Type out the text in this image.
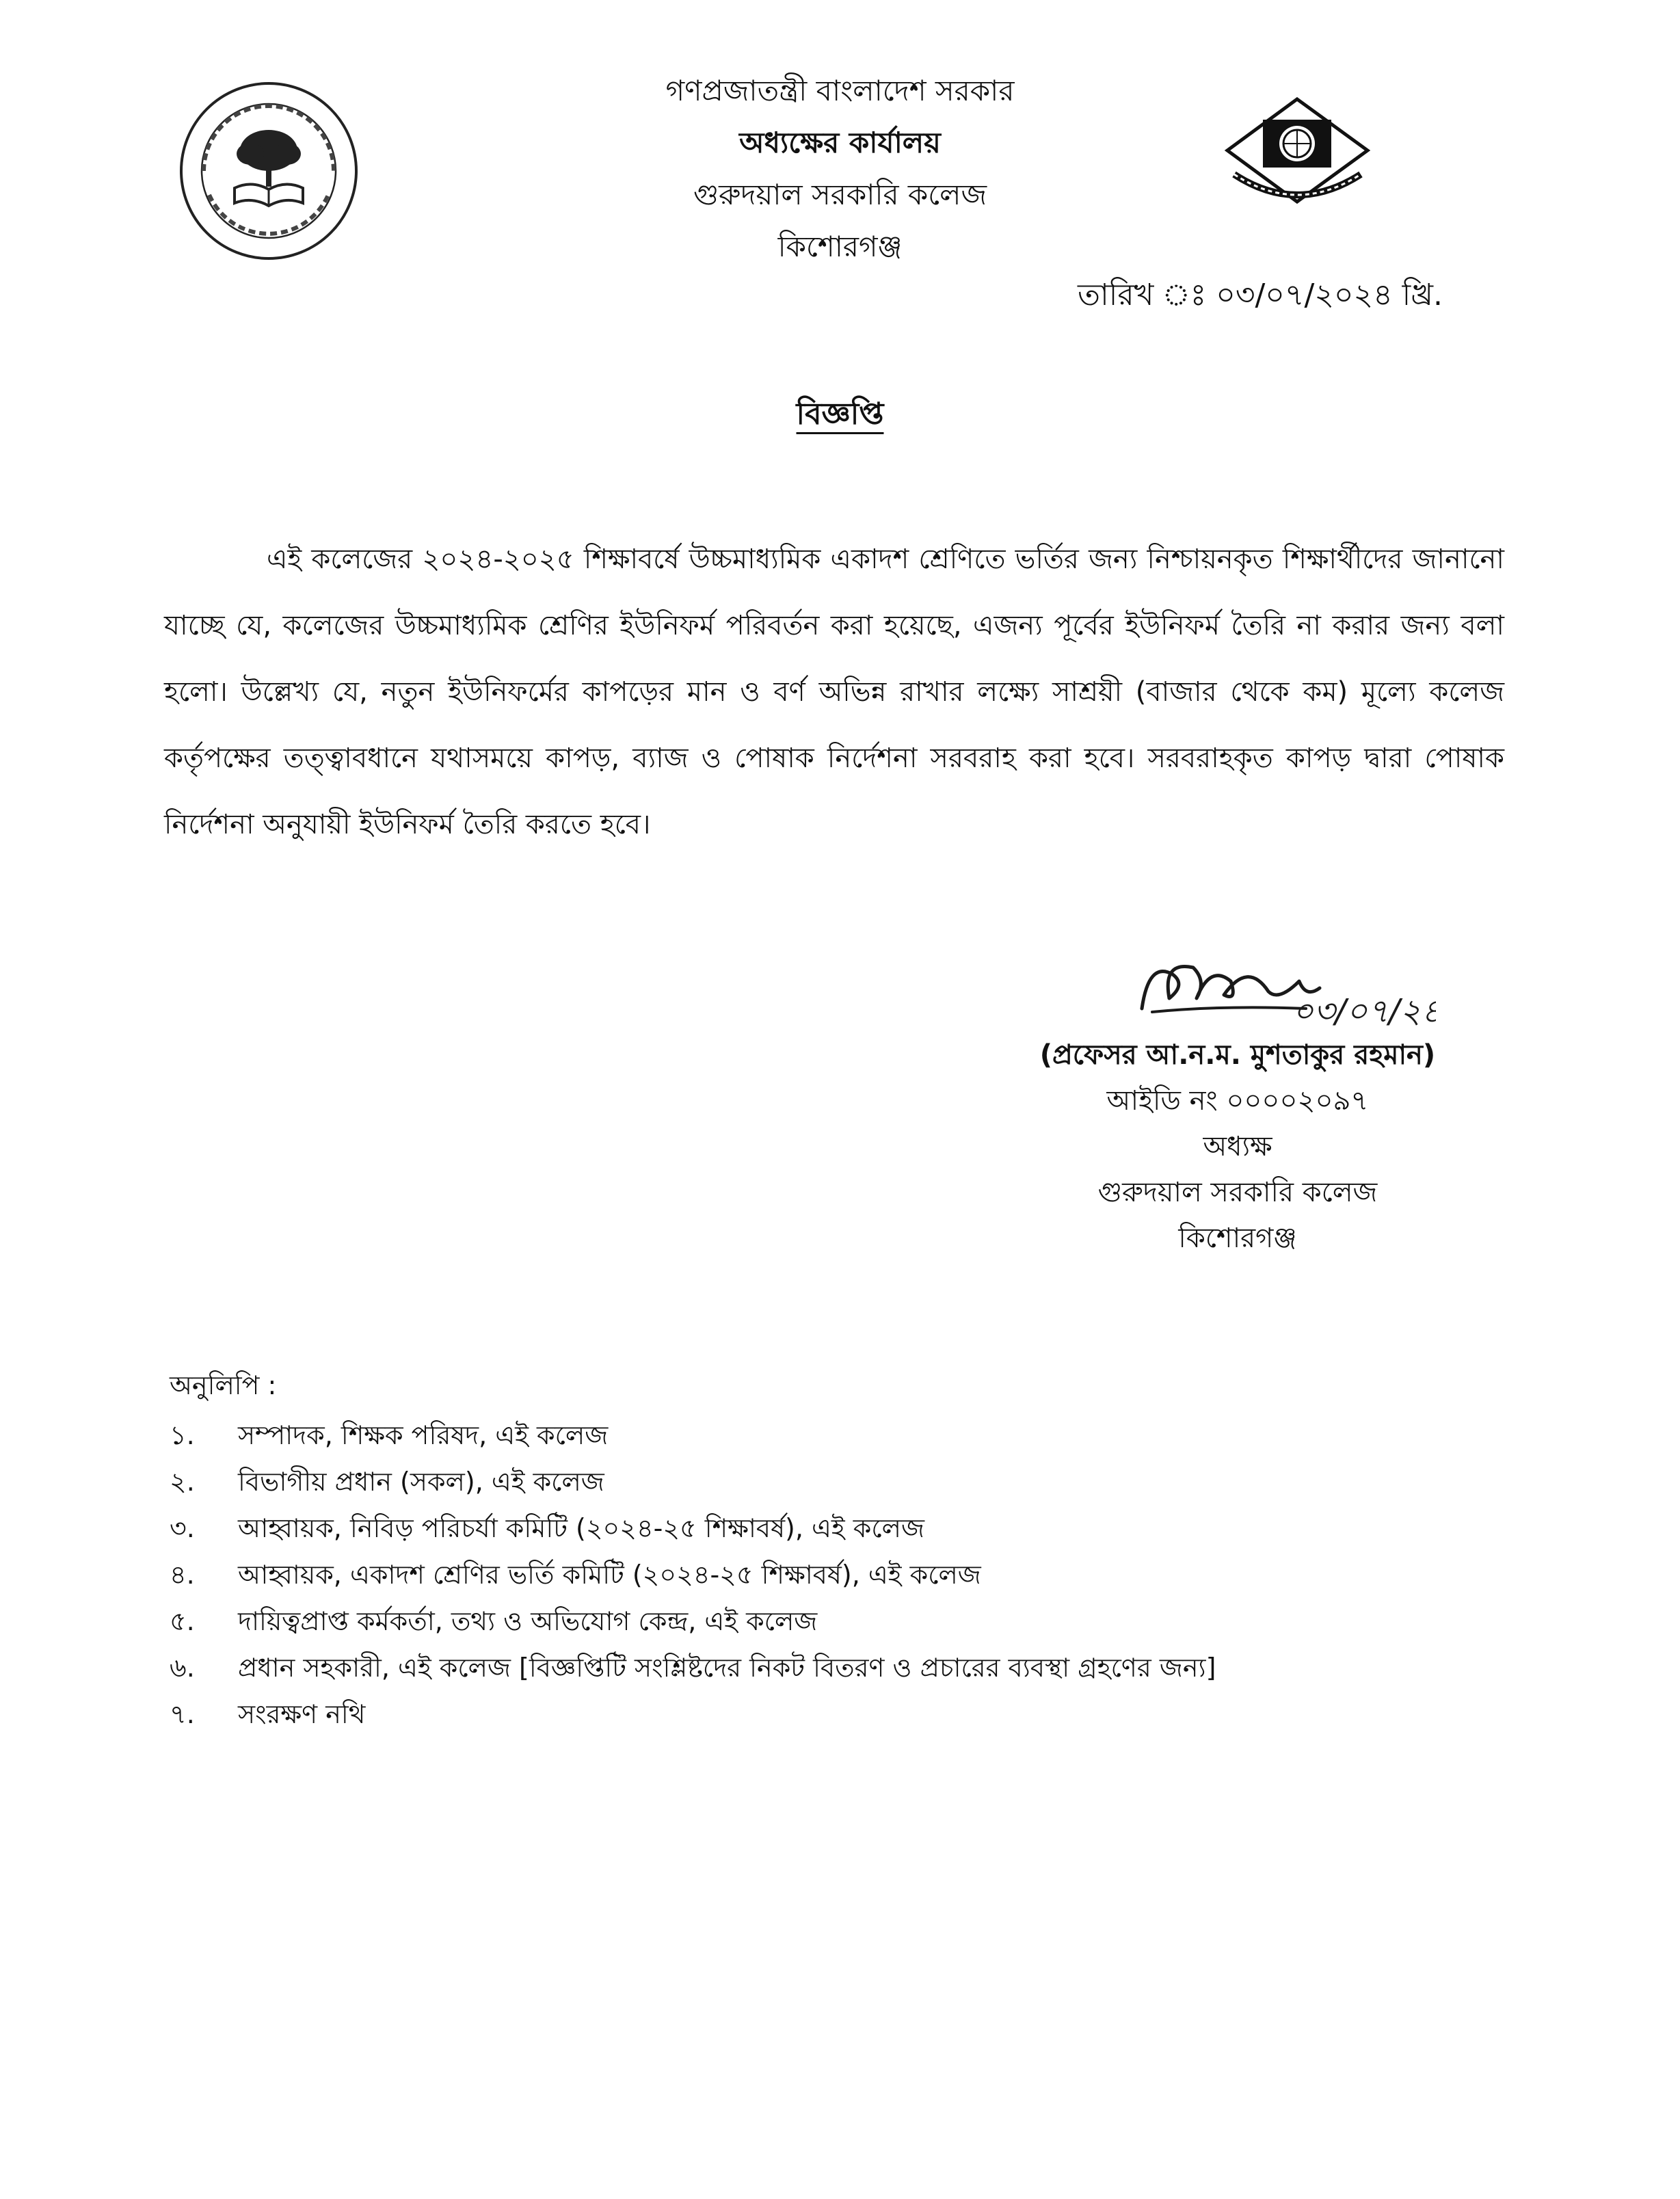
গণপ্রজাতন্ত্রী বাংলাদেশ সরকার
অধ্যক্ষের কার্যালয়
গুরুদয়াল সরকারি কলেজ
কিশোরগঞ্জ
তারিখ ঃ ০৩/০৭/২০২৪ খ্রি.
বিজ্ঞপ্তি

এই কলেজের ২০২৪-২০২৫ শিক্ষাবর্ষে উচ্চমাধ্যমিক একাদশ শ্রেণিতে ভর্তির জন্য নিশ্চায়নকৃত শিক্ষার্থীদের জানানো যাচ্ছে যে, কলেজের উচ্চমাধ্যমিক শ্রেণির ইউনিফর্ম পরিবর্তন করা হয়েছে, এজন্য পূর্বের ইউনিফর্ম তৈরি না করার জন্য বলা হলো। উল্লেখ্য যে, নতুন ইউনিফর্মের কাপড়ের মান ও বর্ণ অভিন্ন রাখার লক্ষ্যে সাশ্রয়ী (বাজার থেকে কম) মূল্যে কলেজ কর্তৃপক্ষের তত্ত্বাবধানে যথাসময়ে কাপড়, ব্যাজ ও পোষাক নির্দেশনা সরবরাহ করা হবে। সরবরাহকৃত কাপড় দ্বারা পোষাক নির্দেশনা অনুযায়ী ইউনিফর্ম তৈরি করতে হবে।

০৩/০৭/২৪
(প্রফেসর আ.ন.ম. মুশতাকুর রহমান)
আইডি নং ০০০০২০৯৭
অধ্যক্ষ
গুরুদয়াল সরকারি কলেজ
কিশোরগঞ্জ
অনুলিপি :
১. সম্পাদক, শিক্ষক পরিষদ, এই কলেজ
২. বিভাগীয় প্রধান (সকল), এই কলেজ
৩. আহ্বায়ক, নিবিড় পরিচর্যা কমিটি (২০২৪-২৫ শিক্ষাবর্ষ), এই কলেজ
৪. আহ্বায়ক, একাদশ শ্রেণির ভর্তি কমিটি (২০২৪-২৫ শিক্ষাবর্ষ), এই কলেজ
৫. দায়িত্বপ্রাপ্ত কর্মকর্তা, তথ্য ও অভিযোগ কেন্দ্র, এই কলেজ
৬. প্রধান সহকারী, এই কলেজ [বিজ্ঞপ্তিটি সংশ্লিষ্টদের নিকট বিতরণ ও প্রচারের ব্যবস্থা গ্রহণের জন্য]
৭. সংরক্ষণ নথি
